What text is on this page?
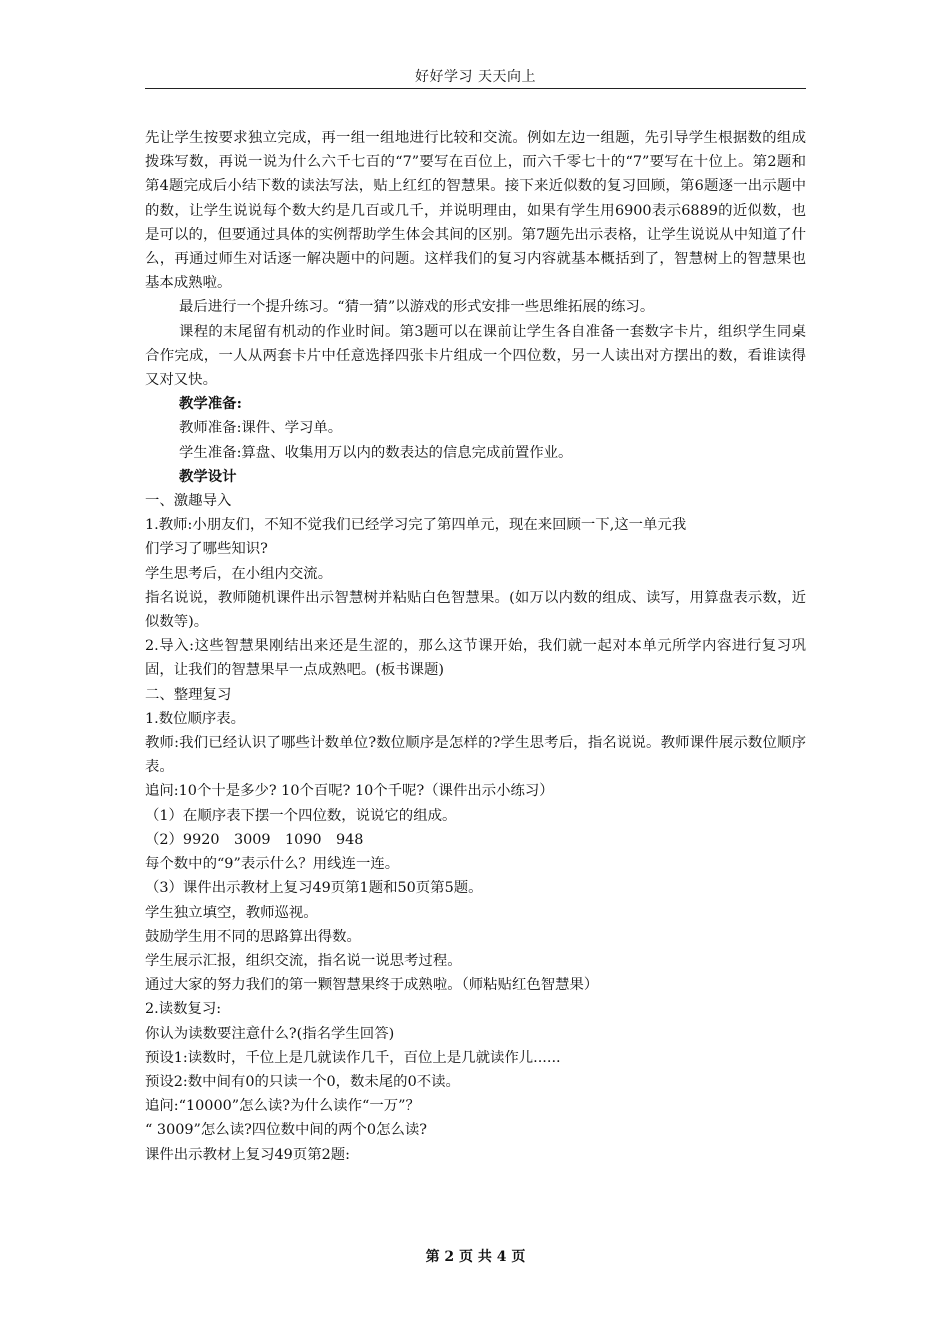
好好学习 天天向上

先让学生按要求独立完成，再一组一组地进行比较和交流。例如左边一组题，先引导学生根据数的组成拨珠写数，再说一说为什么六千七百的“7”要写在百位上，而六千零七十的“7”要写在十位上。第2题和第4题完成后小结下数的读法写法，贴上红红的智慧果。接下来近似数的复习回顾，第6题逐一出示题中的数，让学生说说每个数大约是几百或几千，并说明理由，如果有学生用6900表示6889的近似数，也是可以的，但要通过具体的实例帮助学生体会其间的区别。第7题先出示表格，让学生说说从中知道了什么，再通过师生对话逐一解决题中的问题。这样我们的复习内容就基本概括到了，智慧树上的智慧果也基本成熟啦。

最后进行一个提升练习。“猜一猜”以游戏的形式安排一些思维拓展的练习。

课程的末尾留有机动的作业时间。第3题可以在课前让学生各自准备一套数字卡片，组织学生同桌合作完成，一人从两套卡片中任意选择四张卡片组成一个四位数，另一人读出对方摆出的数，看谁读得又对又快。

教学准备:

教师准备:课件、学习单。

学生准备:算盘、收集用万以内的数表达的信息完成前置作业。

教学设计

一、激趣导入

1.教师:小朋友们，不知不觉我们已经学习完了第四单元，现在来回顾一下,这一单元我

们学习了哪些知识?

学生思考后，在小组内交流。

指名说说，教师随机课件出示智慧树并粘贴白色智慧果。(如万以内数的组成、读写，用算盘表示数，近似数等)。

2.导入:这些智慧果刚结出来还是生涩的，那么这节课开始，我们就一起对本单元所学内容进行复习巩固，让我们的智慧果早一点成熟吧。(板书课题)

二、整理复习

1.数位顺序表。

教师:我们已经认识了哪些计数单位?数位顺序是怎样的?学生思考后，指名说说。教师课件展示数位顺序表。

追问:10个十是多少? 10个百呢? 10个千呢?（课件出示小练习）

（1）在顺序表下摆一个四位数，说说它的组成。

（2）9920　3009　1090　948

每个数中的“9”表示什么？用线连一连。

（3）课件出示教材上复习49页第1题和50页第5题。

学生独立填空，教师巡视。

鼓励学生用不同的思路算出得数。

学生展示汇报，组织交流，指名说一说思考过程。

通过大家的努力我们的第一颗智慧果终于成熟啦。（师粘贴红色智慧果）

2.读数复习:

你认为读数要注意什么?(指名学生回答)

预设1:读数时，千位上是几就读作几千，百位上是几就读作儿......

预设2:数中间有0的只读一个0，数未尾的0不读。

追问:“10000”怎么读?为什么读作“一万”？

“ 3009”怎么读?四位数中间的两个0怎么读?

课件出示教材上复习49页第2题:

第 2 页 共 4 页
